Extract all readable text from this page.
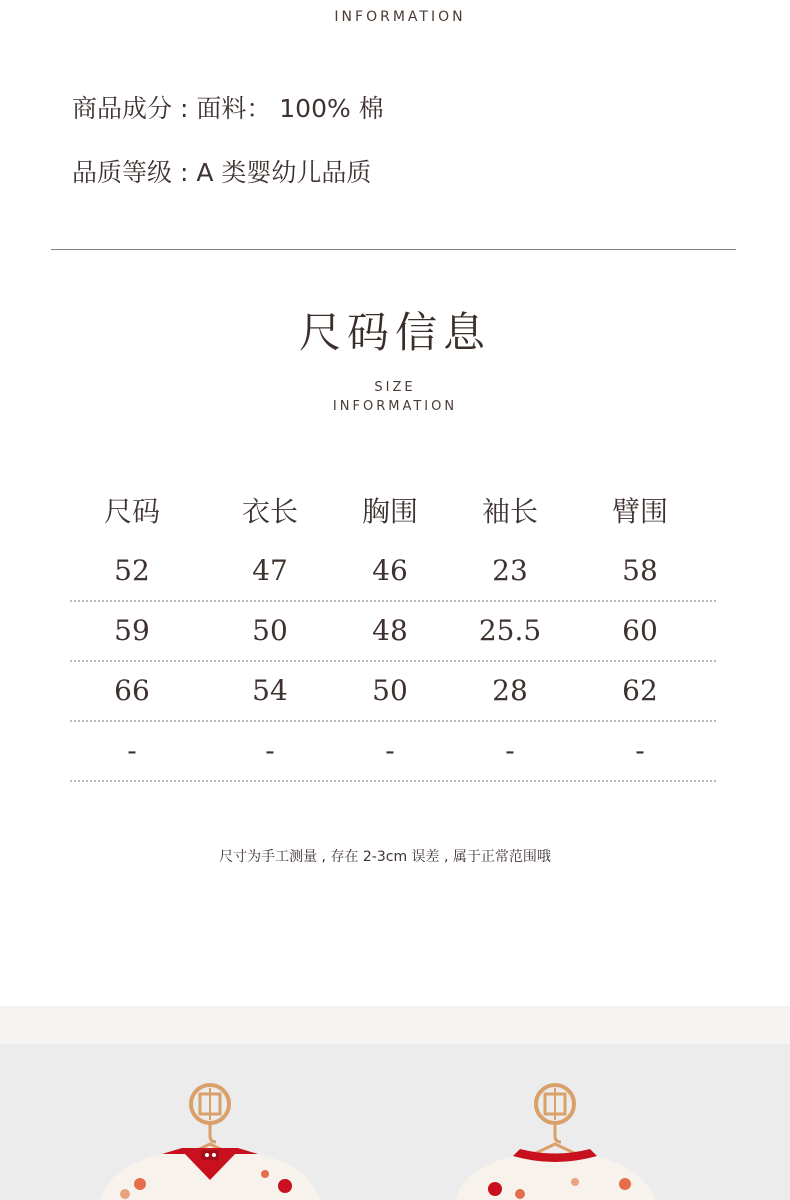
INFORMATION
商品成分 : 面料： 100% 棉
品质等级 : A 类婴幼儿品质
尺码信息
SIZE
INFORMATION
尺码	衣长	胸围	袖长	臂围
52	47	46	23	58
59	50	48	25.5	60
66	54	50	28	62
-	-	-	-	-
尺寸为手工测量 , 存在 2-3cm 误差 , 属于正常范围哦
